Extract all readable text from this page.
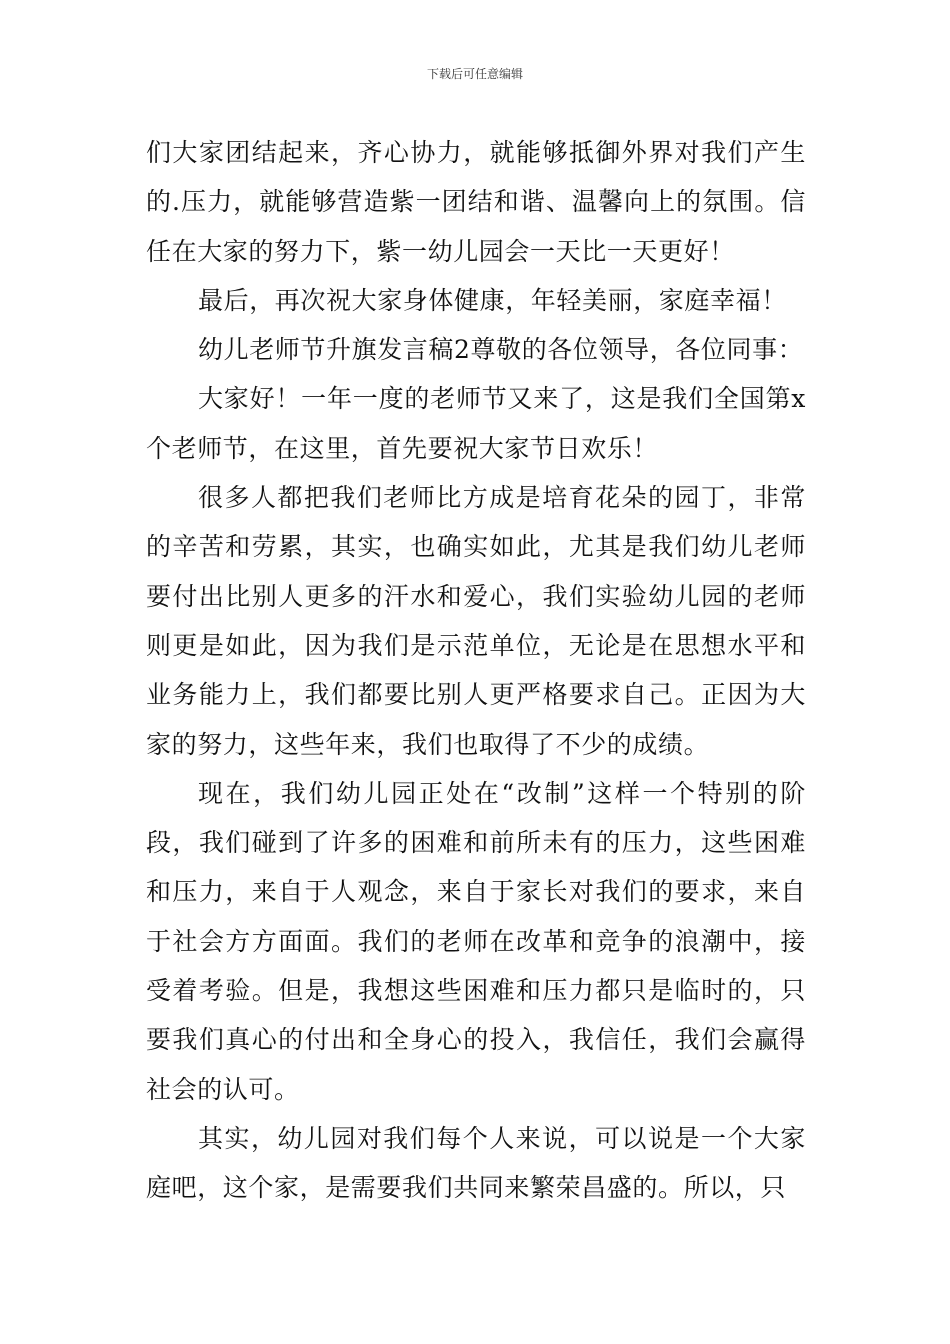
下载后可任意编辑

们大家团结起来，齐心协力，就能够抵御外界对我们产生的.压力，就能够营造紫一团结和谐、温馨向上的氛围。信任在大家的努力下，紫一幼儿园会一天比一天更好！

最后，再次祝大家身体健康，年轻美丽，家庭幸福！

幼儿老师节升旗发言稿2尊敬的各位领导，各位同事：

大家好！一年一度的老师节又来了，这是我们全国第x个老师节，在这里，首先要祝大家节日欢乐！

很多人都把我们老师比方成是培育花朵的园丁，非常的辛苦和劳累，其实，也确实如此，尤其是我们幼儿老师要付出比别人更多的汗水和爱心，我们实验幼儿园的老师则更是如此，因为我们是示范单位，无论是在思想水平和业务能力上，我们都要比别人更严格要求自己。正因为大家的努力，这些年来，我们也取得了不少的成绩。

现在，我们幼儿园正处在“改制”这样一个特别的阶段，我们碰到了许多的困难和前所未有的压力，这些困难和压力，来自于人观念，来自于家长对我们的要求，来自于社会方方面面。我们的老师在改革和竞争的浪潮中，接受着考验。但是，我想这些困难和压力都只是临时的，只要我们真心的付出和全身心的投入，我信任，我们会赢得社会的认可。

其实，幼儿园对我们每个人来说，可以说是一个大家庭吧，这个家，是需要我们共同来繁荣昌盛的。所以，只
